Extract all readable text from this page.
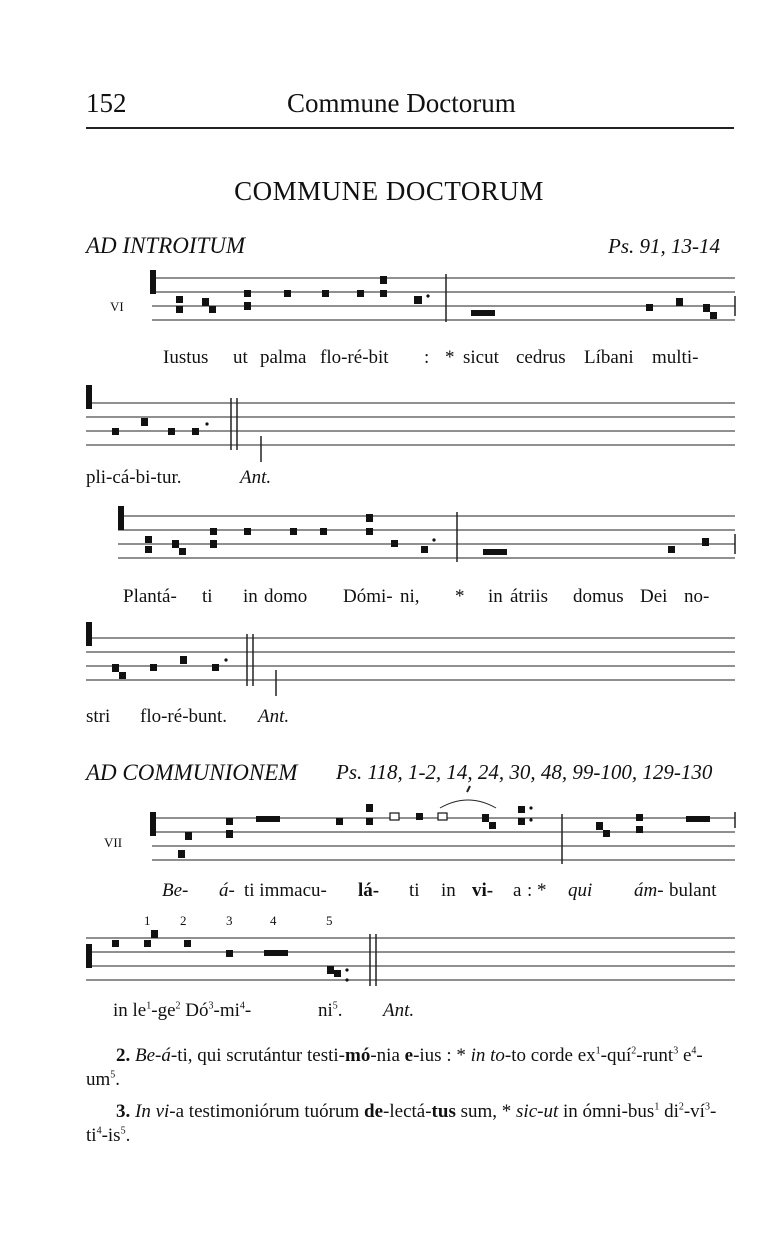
152	Commune Doctorum
COMMUNE DOCTORUM
AD INTROITUM	Ps. 91, 13-14
VI
Iustus ut palma flo-ré-bit : * sicut cedrus Líbani multi-
pli-cá-bi-tur.	Ant.
Plantá- ti in domo Dómi- ni, * in átriis domus Dei no-
stri flo-ré-bunt. Ant.
AD COMMUNIONEM Ps. 118, 1-2, 14, 24, 30, 48, 99-100, 129-130
VII
Be- á- ti immacu- lá- ti in vi- a : * qui ám- bulant
1 2	3	4	5
in $le^1-ge^2$ $Dó^3-mi^4-$	$ni^5$. Ant.
2. Be-á-ti, qui scrutántur testi-mó-nia e-ius : * in to-to corde $ex^1-quí^2-runt^3$ $e^4-um^5$.
3. In vi-a testimoniórum tuórum de-lectá-tus sum, * sic-ut in ómni-bus$^1$ $di^2-ví^3-ti^4-is^5$.
